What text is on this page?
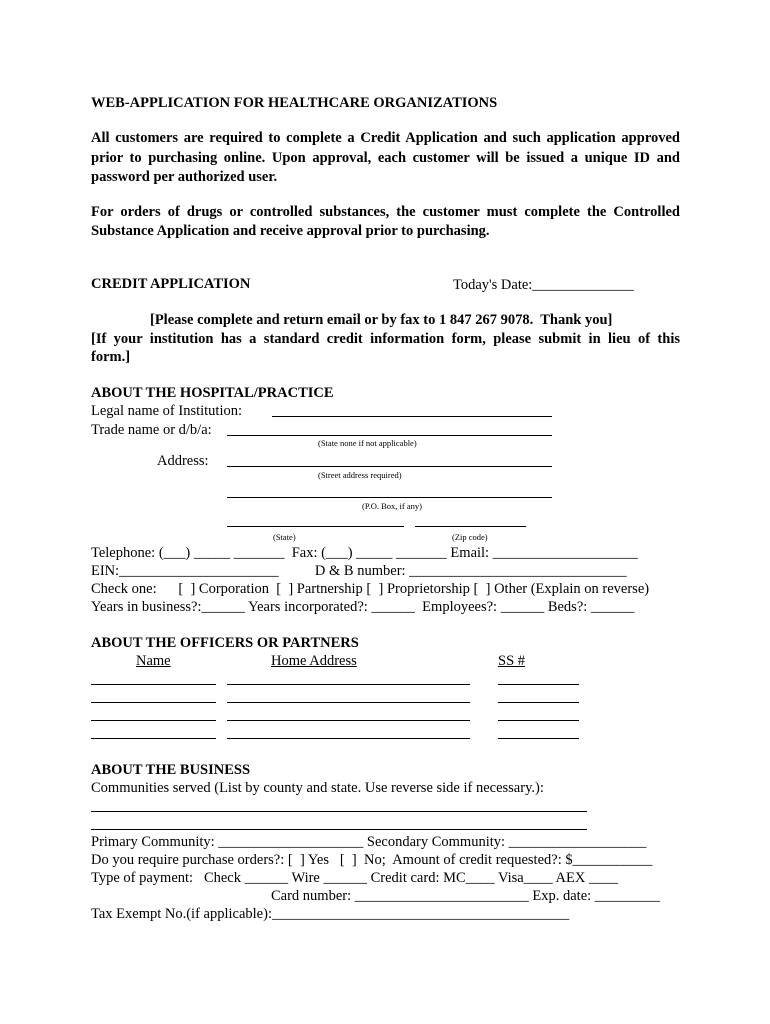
WEB-APPLICATION FOR HEALTHCARE ORGANIZATIONS
All customers are required to complete a Credit Application and such application approved
prior to purchasing online. Upon approval, each customer will be issued a unique ID and
password per authorized user.
For orders of drugs or controlled substances, the customer must complete the Controlled
Substance Application and receive approval prior to purchasing.
CREDIT APPLICATION	Today's Date:______________
[Please complete and return email or by fax to 1 847 267 9078.  Thank you]
[If your institution has a standard credit information form, please submit in lieu of this
form.]
ABOUT THE HOSPITAL/PRACTICE
Legal name of Institution:
Trade name or d/b/a:
(State none if not applicable)
Address:
(Street address required)
(P.O. Box, if any)
(State)	(Zip code)
Telephone: (___) _____ _______  Fax: (___) _____ _______ Email: ____________________
EIN:______________________          D & B number: ______________________________
Check one:      [  ] Corporation  [  ] Partnership [  ] Proprietorship [  ] Other (Explain on reverse)
Years in business?:______ Years incorporated?: ______  Employees?: ______ Beds?: ______
ABOUT THE OFFICERS OR PARTNERS
Name	Home Address	SS #
ABOUT THE BUSINESS
Communities served (List by county and state. Use reverse side if necessary.):
Primary Community: ____________________ Secondary Community: ___________________
Do you require purchase orders?: [  ] Yes   [  ]  No;  Amount of credit requested?: $___________
Type of payment:   Check ______ Wire ______ Credit card: MC____ Visa____ AEX ____
Card number: ________________________ Exp. date: _________
Tax Exempt No.(if applicable):_________________________________________
